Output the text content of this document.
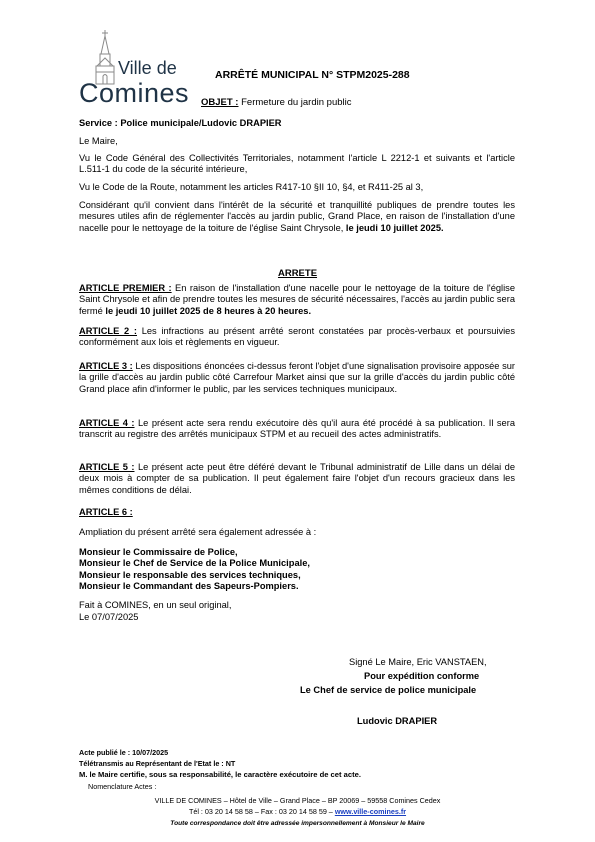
Ville de
Comines
ARRÊTÉ MUNICIPAL N° STPM2025-288
OBJET : Fermeture du jardin public
Service : Police municipale/Ludovic DRAPIER
Le Maire,
Vu le Code Général des Collectivités Territoriales, notamment l'article L 2212-1 et suivants et l'article L.511-1 du code de la sécurité intérieure,
Vu le Code de la Route, notamment les articles R417-10 §II 10, §4, et R411-25 al 3,
Considérant qu'il convient dans l'intérêt de la sécurité et tranquillité publiques de prendre toutes les mesures utiles afin de réglementer l'accès au jardin public, Grand Place, en raison de l'installation d'une nacelle pour le nettoyage de la toiture de l'église Saint Chrysole, le jeudi 10 juillet 2025.
ARRETE
ARTICLE PREMIER : En raison de l'installation d'une nacelle pour le nettoyage de la toiture de l'église Saint Chrysole et afin de prendre toutes les mesures de sécurité nécessaires, l'accès au jardin public sera fermé le jeudi 10 juillet 2025 de 8 heures à 20 heures.
ARTICLE 2 : Les infractions au présent arrêté seront constatées par procès-verbaux et poursuivies conformément aux lois et règlements en vigueur.
ARTICLE 3 : Les dispositions énoncées ci-dessus feront l'objet d'une signalisation provisoire apposée sur la grille d'accès au jardin public côté Carrefour Market ainsi que sur la grille d'accès du jardin public côté Grand place afin d'informer le public, par les services techniques municipaux.
ARTICLE 4 : Le présent acte sera rendu exécutoire dès qu'il aura été procédé à sa publication. Il sera transcrit au registre des arrêtés municipaux STPM et au recueil des actes administratifs.
ARTICLE 5 : Le présent acte peut être déféré devant le Tribunal administratif de Lille dans un délai de deux mois à compter de sa publication. Il peut également faire l'objet d'un recours gracieux dans les mêmes conditions de délai.
ARTICLE 6 :
Ampliation du présent arrêté sera également adressée à :
Monsieur le Commissaire de Police,
Monsieur le Chef de Service de la Police Municipale,
Monsieur le responsable des services techniques,
Monsieur le Commandant des Sapeurs-Pompiers.
Fait à COMINES, en un seul original,
Le 07/07/2025
Signé Le Maire, Eric VANSTAEN,
Pour expédition conforme
Le Chef de service de police municipale
Ludovic DRAPIER
Acte publié le : 10/07/2025
Télétransmis au Représentant de l'Etat le : NT
M. le Maire certifie, sous sa responsabilité, le caractère exécutoire de cet acte.
Nomenclature Actes :
VILLE DE COMINES – Hôtel de Ville – Grand Place – BP 20069 – 59558 Comines Cedex
Tél : 03 20 14 58 58 – Fax : 03 20 14 58 59 – www.ville-comines.fr
Toute correspondance doit être adressée impersonnellement à Monsieur le Maire
